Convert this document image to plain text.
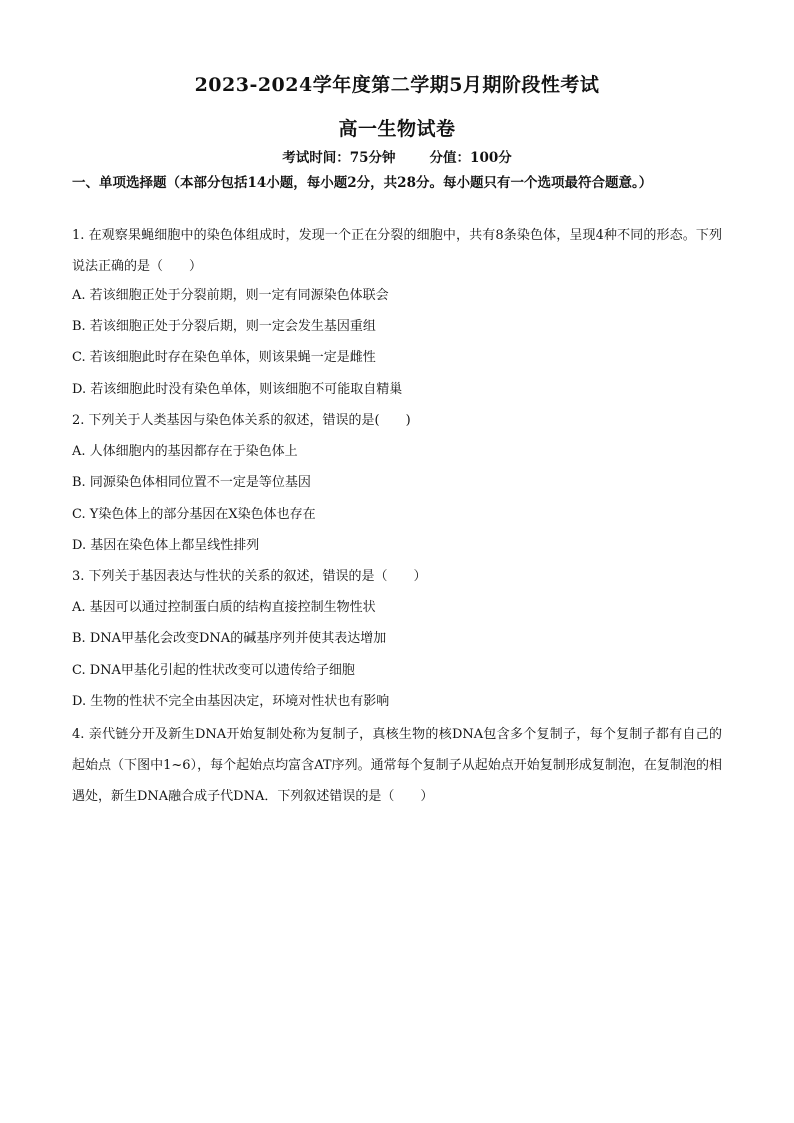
2023-2024学年度第二学期5月期阶段性考试
高一生物试卷
考试时间：75分钟	分值：100分
一、单项选择题（本部分包括14小题，每小题2分，共28分。每小题只有一个选项最符合题意。）
1. 在观察果蝇细胞中的染色体组成时，发现一个正在分裂的细胞中，共有8条染色体，呈现4种不同的形态。下列说法正确的是（　　）
A. 若该细胞正处于分裂前期，则一定有同源染色体联会
B. 若该细胞正处于分裂后期，则一定会发生基因重组
C. 若该细胞此时存在染色单体，则该果蝇一定是雌性
D. 若该细胞此时没有染色单体，则该细胞不可能取自精巢
2. 下列关于人类基因与染色体关系的叙述，错误的是(　　)
A. 人体细胞内的基因都存在于染色体上
B. 同源染色体相同位置不一定是等位基因
C. Y染色体上的部分基因在X染色体也存在
D. 基因在染色体上都呈线性排列
3. 下列关于基因表达与性状的关系的叙述，错误的是（　　）
A. 基因可以通过控制蛋白质的结构直接控制生物性状
B. DNA甲基化会改变DNA的碱基序列并使其表达增加
C. DNA甲基化引起的性状改变可以遗传给子细胞
D. 生物的性状不完全由基因决定，环境对性状也有影响
4. 亲代链分开及新生DNA开始复制处称为复制子，真核生物的核DNA包含多个复制子，每个复制子都有自己的起始点（下图中1~6），每个起始点均富含AT序列。通常每个复制子从起始点开始复制形成复制泡，在复制泡的相遇处，新生DNA融合成子代DNA．下列叙述错误的是（　　）
